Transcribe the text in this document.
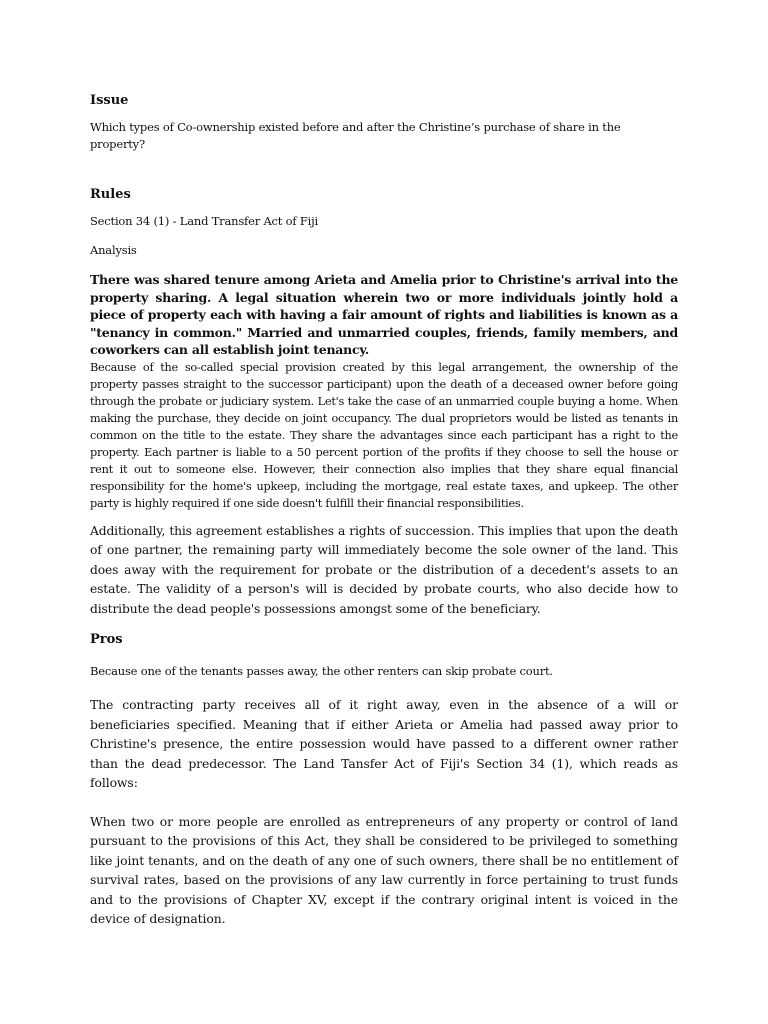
Issue

Which types of Co-ownership existed before and after the Christine’s purchase of share in the property?

Rules

Section 34 (1) - Land Transfer Act of Fiji

Analysis

There was shared tenure among Arieta and Amelia prior to Christine's arrival into the property sharing. A legal situation wherein two or more individuals jointly hold a piece of property each with having a fair amount of rights and liabilities is known as a "tenancy in common." Married and unmarried couples, friends, family members, and coworkers can all establish joint tenancy.

Because of the so-called special provision created by this legal arrangement, the ownership of the property passes straight to the successor participant) upon the death of a deceased owner before going through the probate or judiciary system. Let's take the case of an unmarried couple buying a home. When making the purchase, they decide on joint occupancy. The dual proprietors would be listed as tenants in common on the title to the estate. They share the advantages since each participant has a right to the property. Each partner is liable to a 50 percent portion of the profits if they choose to sell the house or rent it out to someone else. However, their connection also implies that they share equal financial responsibility for the home's upkeep, including the mortgage, real estate taxes, and upkeep. The other party is highly required if one side doesn't fulfill their financial responsibilities.

Additionally, this agreement establishes a rights of succession. This implies that upon the death of one partner, the remaining party will immediately become the sole owner of the land. This does away with the requirement for probate or the distribution of a decedent's assets to an estate. The validity of a person's will is decided by probate courts, who also decide how to distribute the dead people's possessions amongst some of the beneficiary.

Pros

Because one of the tenants passes away, the other renters can skip probate court.

The contracting party receives all of it right away, even in the absence of a will or beneficiaries specified. Meaning that if either Arieta or Amelia had passed away prior to Christine's presence, the entire possession would have passed to a different owner rather than the dead predecessor. The Land Tansfer Act of Fiji's Section 34 (1), which reads as follows:

When two or more people are enrolled as entrepreneurs of any property or control of land pursuant to the provisions of this Act, they shall be considered to be privileged to something like joint tenants, and on the death of any one of such owners, there shall be no entitlement of survival rates, based on the provisions of any law currently in force pertaining to trust funds and to the provisions of Chapter XV, except if the contrary original intent is voiced in the device of designation.
